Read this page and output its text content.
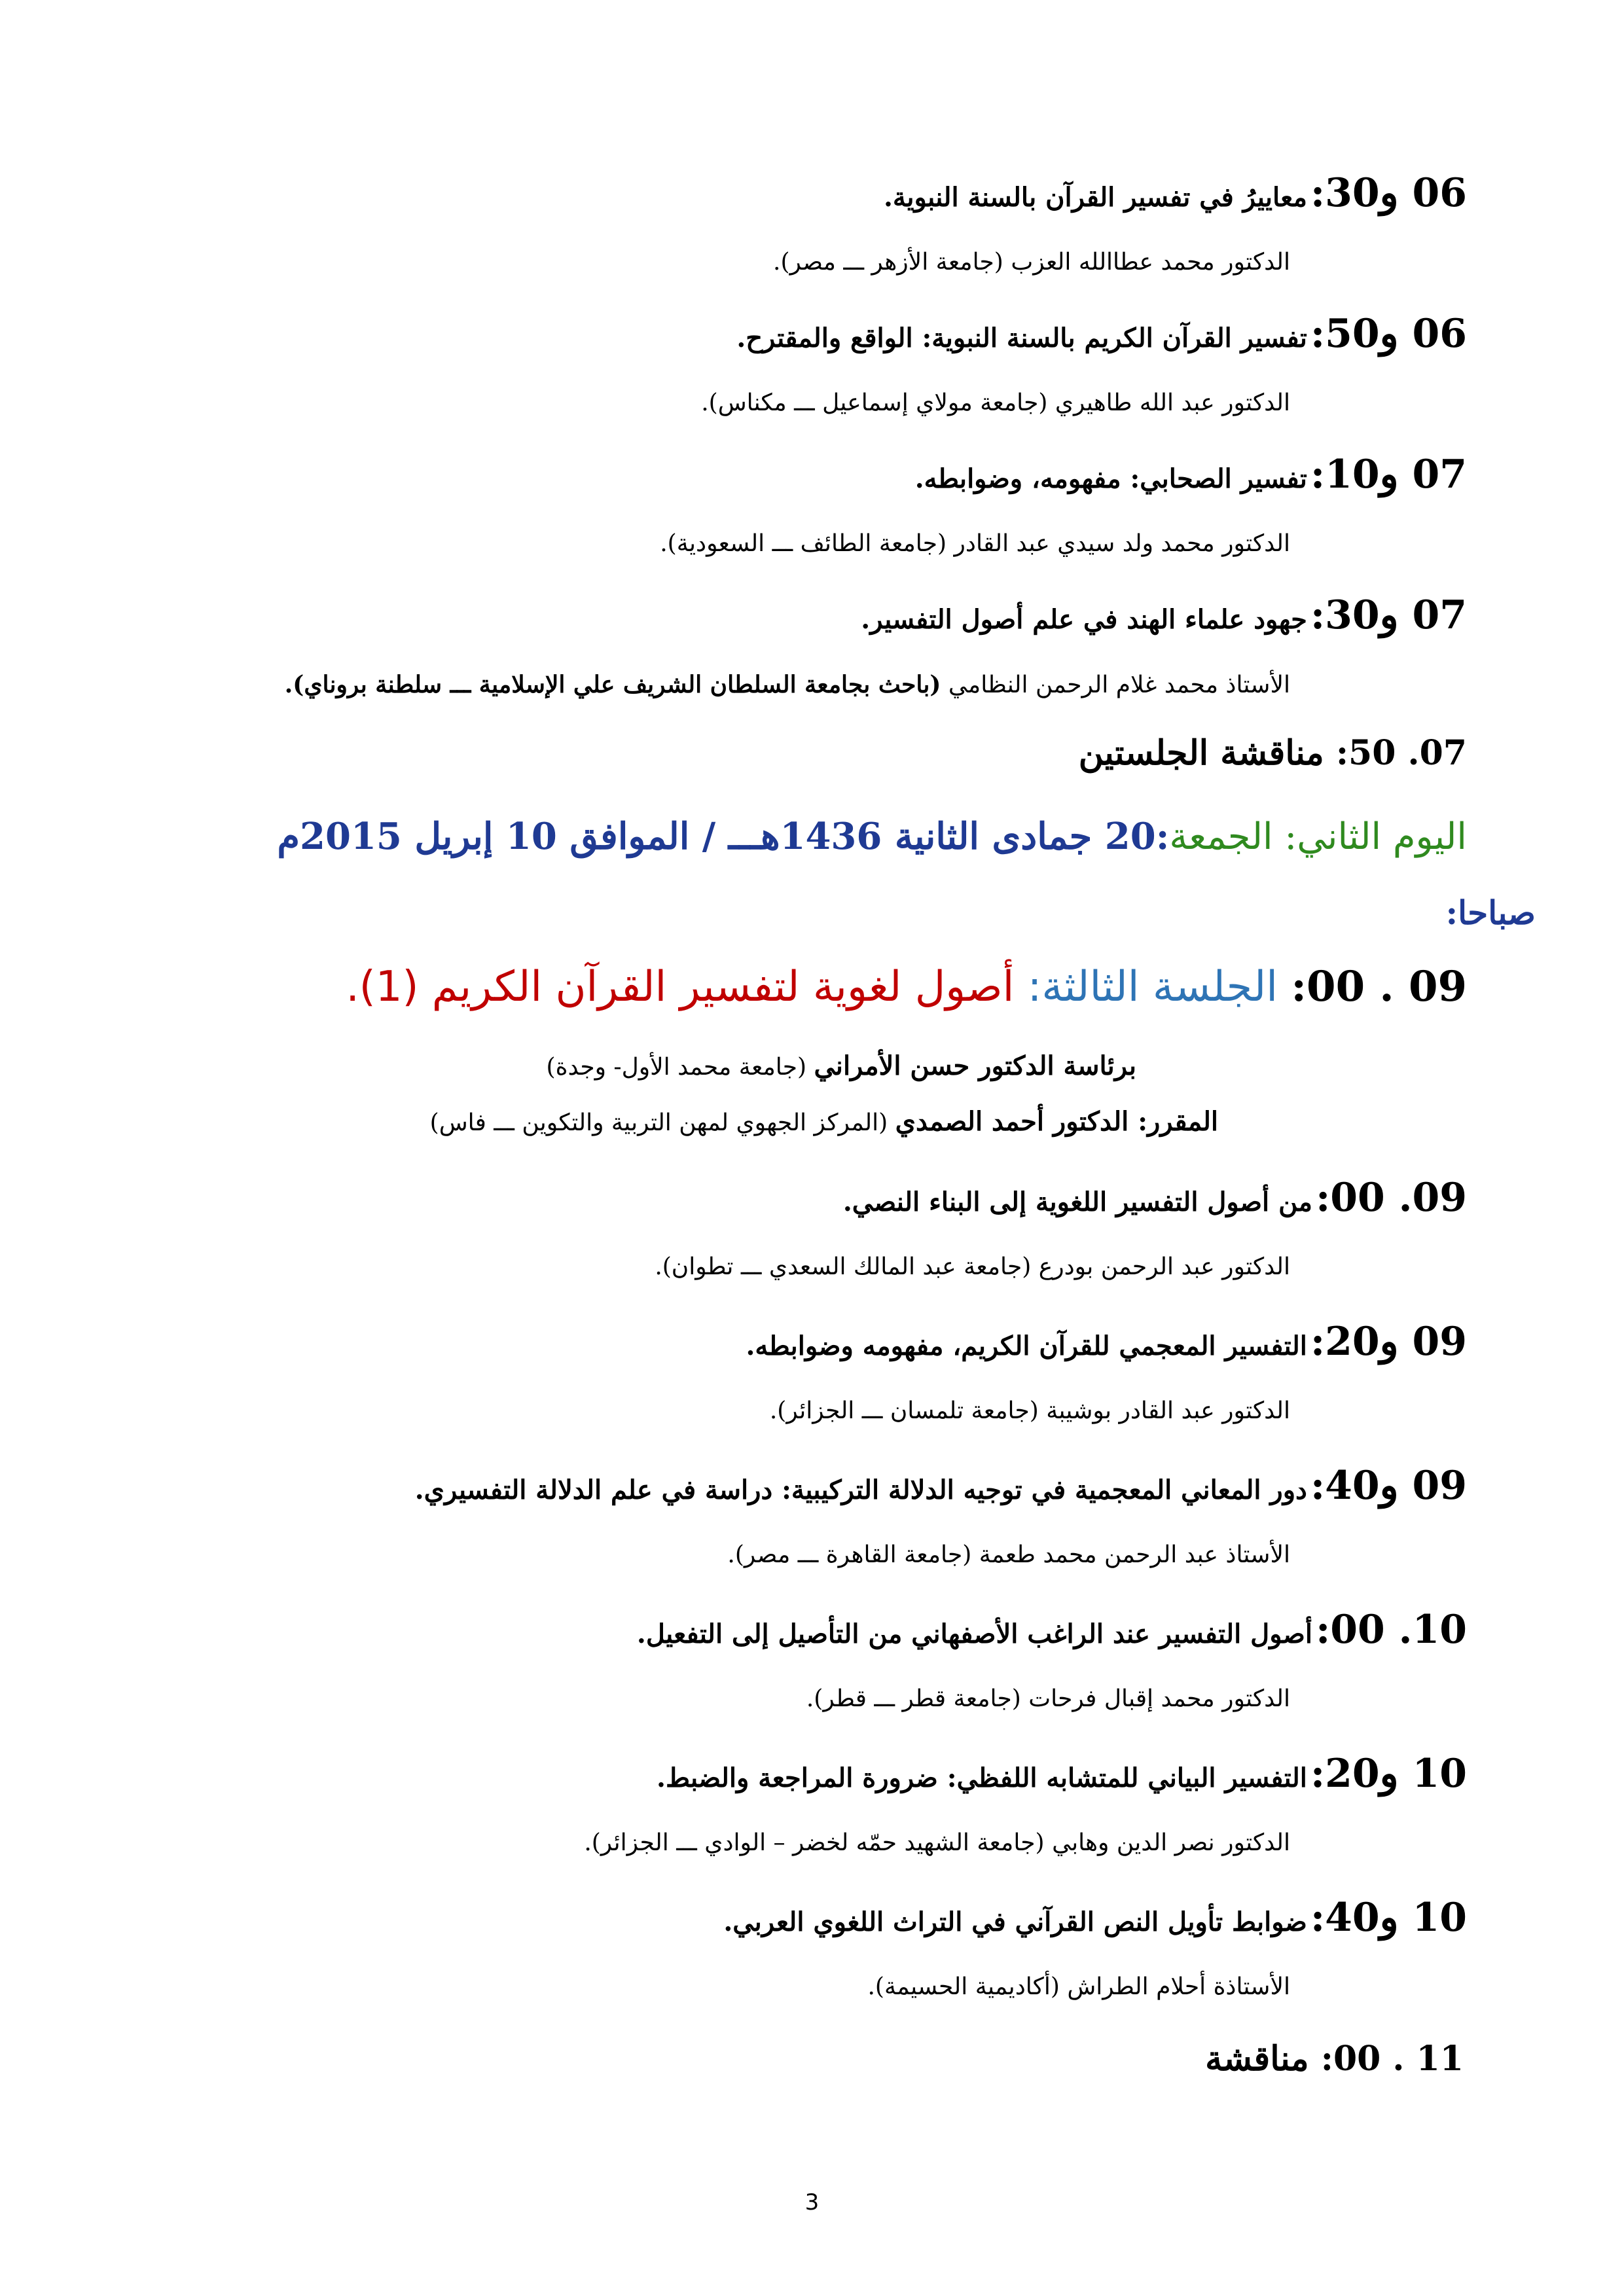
06 و30: معاييرُ في تفسير القرآن بالسنة النبوية.
الدكتور محمد عطاالله العزب (جامعة الأزهر ـــ مصر).
06 و50: تفسير القرآن الكريم بالسنة النبوية: الواقع والمقترح.
الدكتور عبد الله طاهيري (جامعة مولاي إسماعيل ـــ مكناس).
07 و10: تفسير الصحابي: مفهومه، وضوابطه.
الدكتور محمد ولد سيدي عبد القادر (جامعة الطائف ـــ السعودية).
07 و30: جهود علماء الهند في علم أصول التفسير.
الأستاذ محمد غلام الرحمن النظامي (باحث بجامعة السلطان الشريف علي الإسلامية ـــ سلطنة بروناي).
07. 50: مناقشة الجلستين
اليوم الثاني: الجمعة:20 جمادى الثانية 1436هـــ / الموافق 10 إبريل 2015م
صباحا:
09 . 00: الجلسة الثالثة: أصول لغوية لتفسير القرآن الكريم (1).
برئاسة الدكتور حسن الأمراني (جامعة محمد الأول- وجدة)
المقرر: الدكتور أحمد الصمدي (المركز الجهوي لمهن التربية والتكوين ـــ فاس)
09. 00: من أصول التفسير اللغوية إلى البناء النصي.
الدكتور عبد الرحمن بودرع (جامعة عبد المالك السعدي ـــ تطوان).
09 و20: التفسير المعجمي للقرآن الكريم، مفهومه وضوابطه.
الدكتور عبد القادر بوشيبة (جامعة تلمسان ـــ الجزائر).
09 و40: دور المعاني المعجمية في توجيه الدلالة التركيبية: دراسة في علم الدلالة التفسيري.
الأستاذ عبد الرحمن محمد طعمة (جامعة القاهرة ـــ مصر).
10. 00: أصول التفسير عند الراغب الأصفهاني من التأصيل إلى التفعيل.
الدكتور محمد إقبال فرحات (جامعة قطر ـــ قطر).
10 و20: التفسير البياني للمتشابه اللفظي: ضرورة المراجعة والضبط.
الدكتور نصر الدين وهابي (جامعة الشهيد حمّه لخضر – الوادي ـــ الجزائر).
10 و40: ضوابط تأويل النص القرآني في التراث اللغوي العربي.
الأستاذة أحلام الطراش (أكاديمية الحسيمة).
11 . 00: مناقشة
3
